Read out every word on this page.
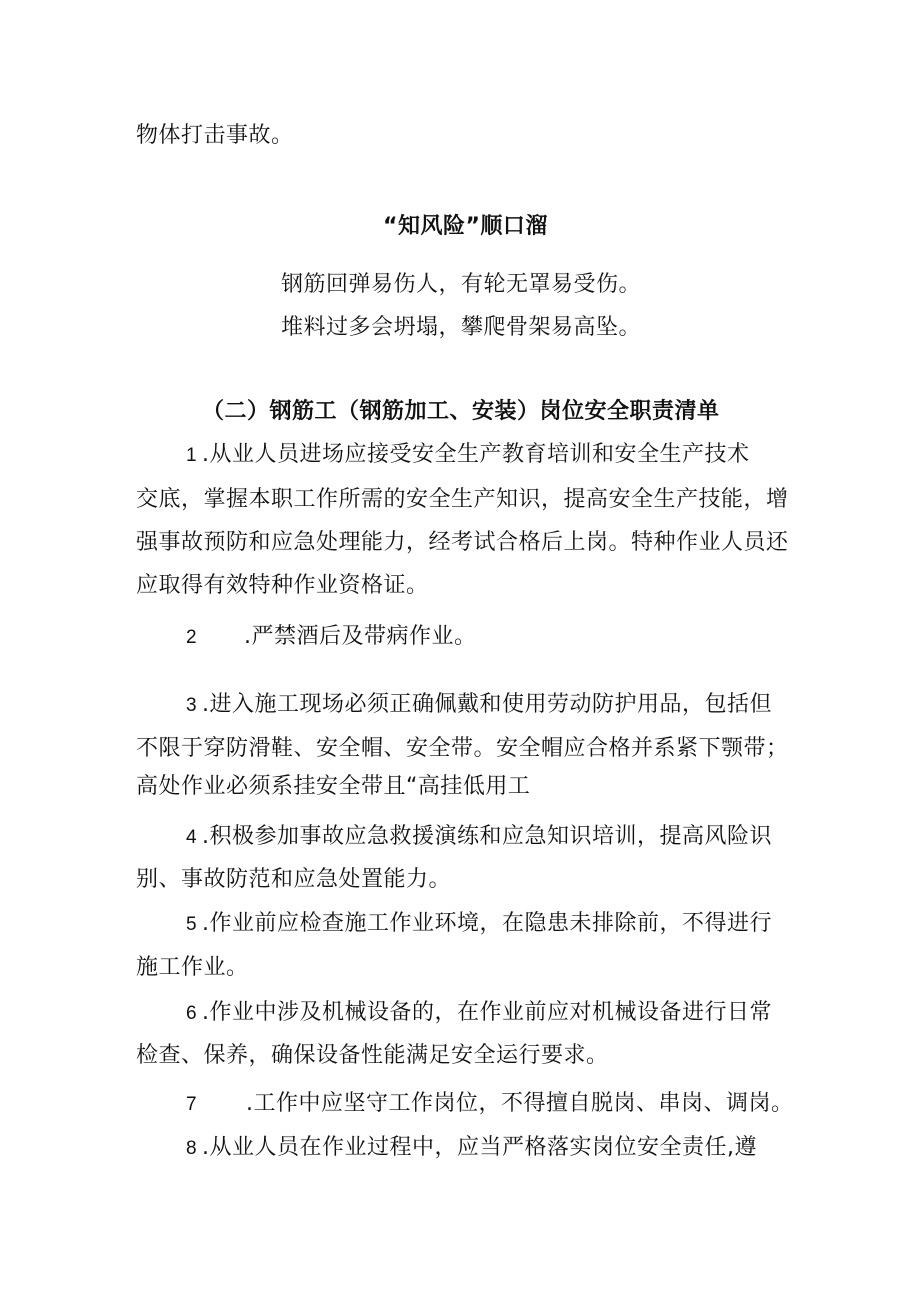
物体打击事故。
“知风险”顺口溜
钢筋回弹易伤人，有轮无罩易受伤。
堆料过多会坍塌，攀爬骨架易高坠。
（二）钢筋工（钢筋加工、安装）岗位安全职责清单
1 .从业人员进场应接受安全生产教育培训和安全生产技术
交底，掌握本职工作所需的安全生产知识，提高安全生产技能，增
强事故预防和应急处理能力，经考试合格后上岗。特种作业人员还
应取得有效特种作业资格证。
2 .严禁酒后及带病作业。
3 .进入施工现场必须正确佩戴和使用劳动防护用品，包括但
不限于穿防滑鞋、安全帽、安全带。安全帽应合格并系紧下颚带；
高处作业必须系挂安全带且“高挂低用工
4 .积极参加事故应急救援演练和应急知识培训，提高风险识
别、事故防范和应急处置能力。
5 .作业前应检查施工作业环境，在隐患未排除前，不得进行
施工作业。
6 .作业中涉及机械设备的，在作业前应对机械设备进行日常
检查、保养，确保设备性能满足安全运行要求。
7 .工作中应坚守工作岗位，不得擅自脱岗、串岗、调岗。
8 .从业人员在作业过程中，应当严格落实岗位安全责任,遵
